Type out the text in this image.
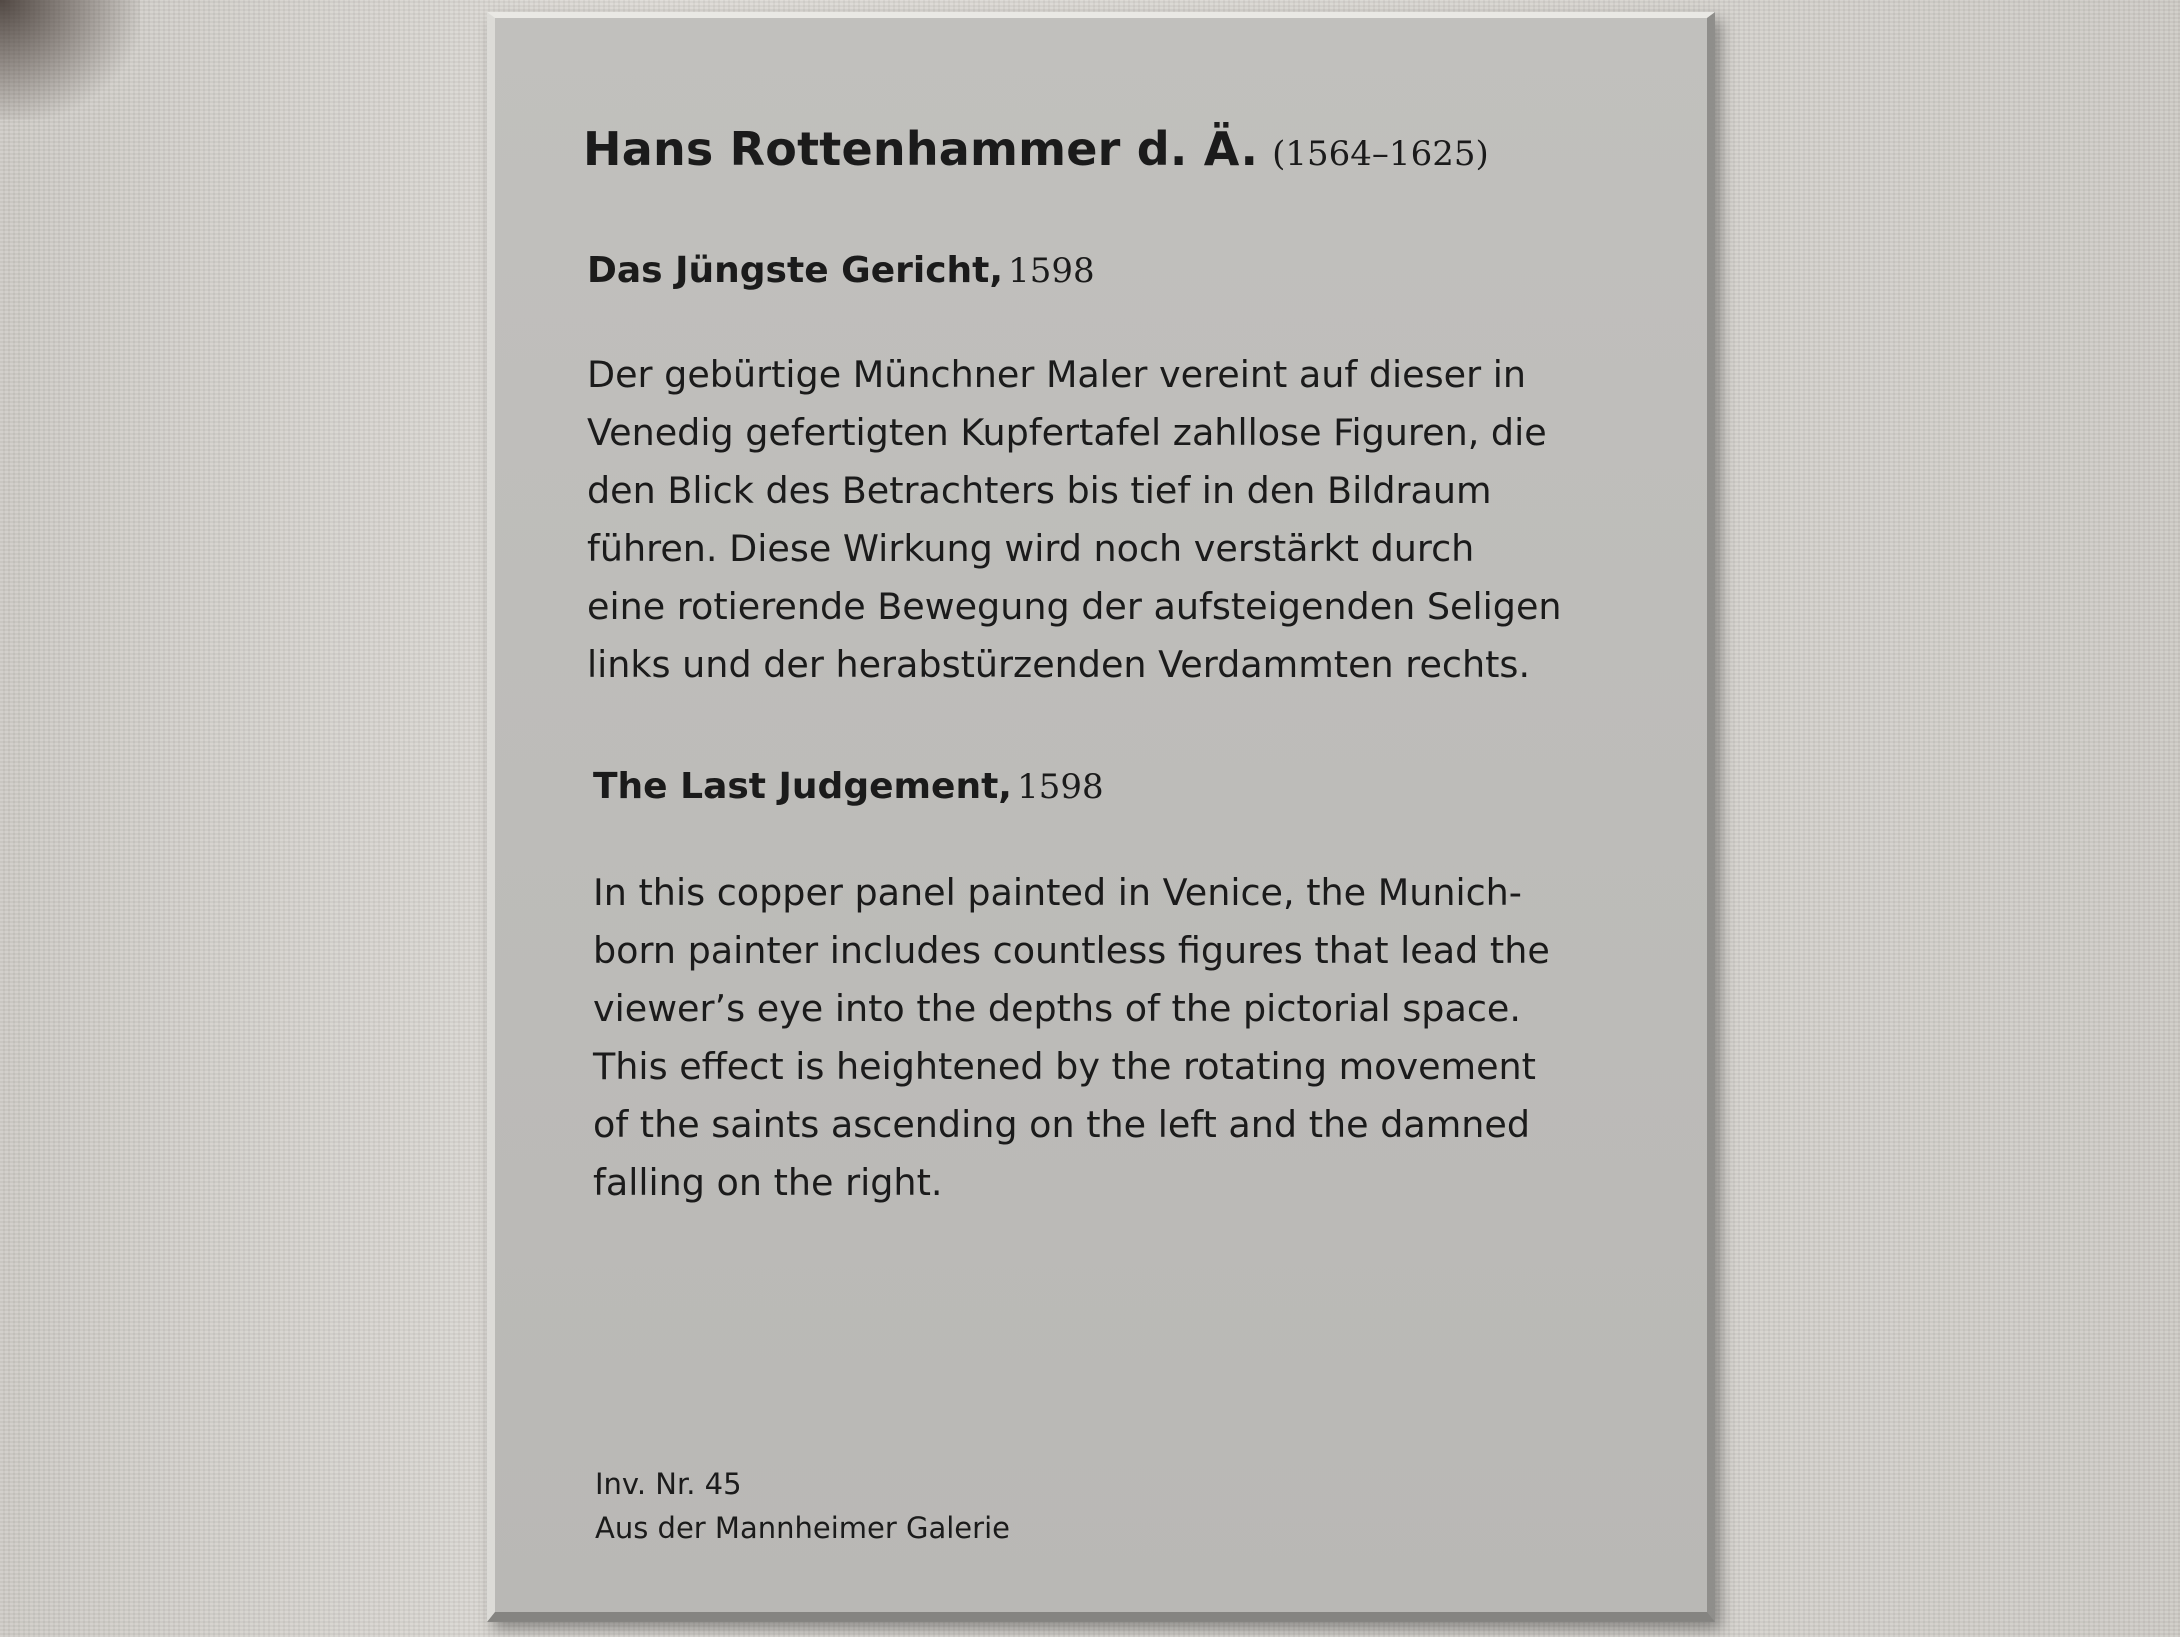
Hans Rottenhammer d. Ä. (1564–1625)
Das Jüngste Gericht, 1598
Der gebürtige Münchner Maler vereint auf dieser in
Venedig gefertigten Kupfertafel zahllose Figuren, die
den Blick des Betrachters bis tief in den Bildraum
führen. Diese Wirkung wird noch verstärkt durch
eine rotierende Bewegung der aufsteigenden Seligen
links und der herabstürzenden Verdammten rechts.
The Last Judgement, 1598
In this copper panel painted in Venice, the Munich-
born painter includes countless figures that lead the
viewer’s eye into the depths of the pictorial space.
This effect is heightened by the rotating movement
of the saints ascending on the left and the damned
falling on the right.
Inv. Nr. 45
Aus der Mannheimer Galerie
